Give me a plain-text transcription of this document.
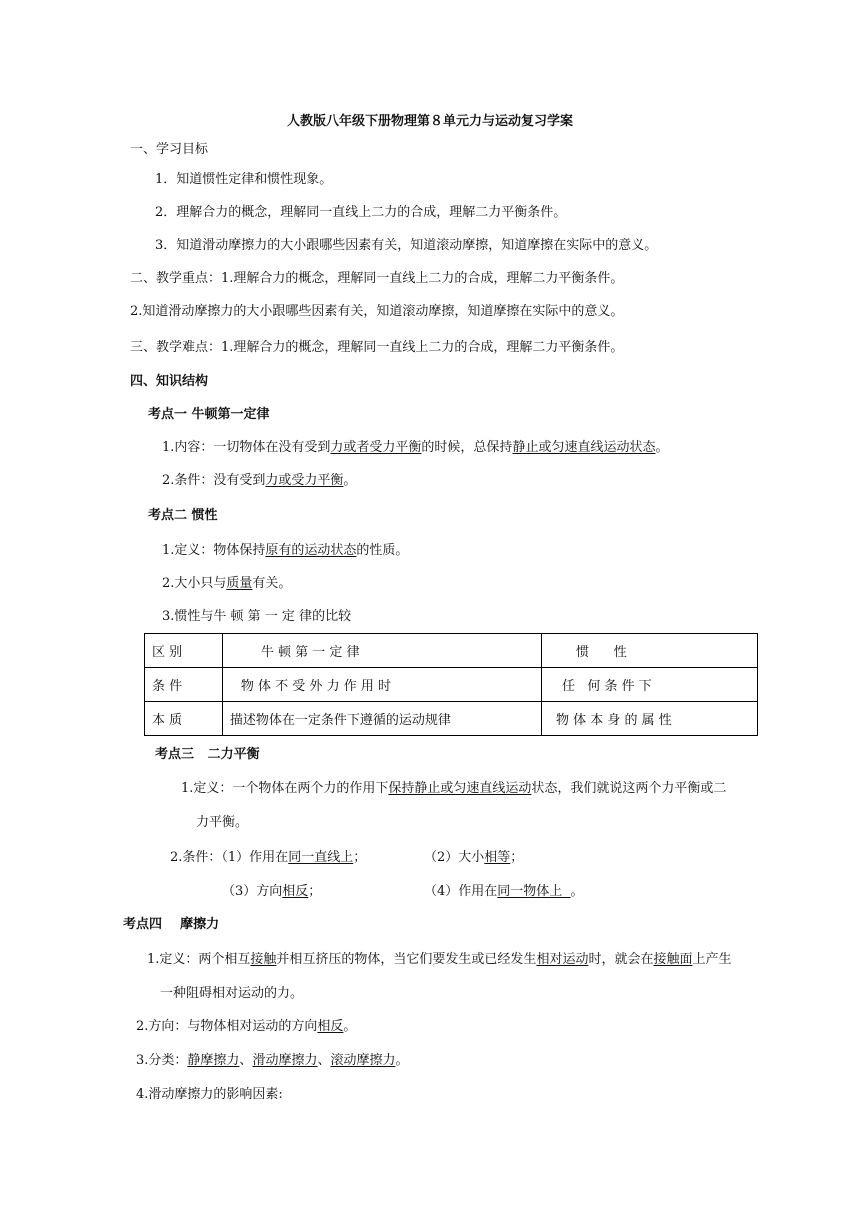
人教版八年级下册物理第８单元力与运动复习学案
一、学习目标
1．知道惯性定律和惯性现象。
2．理解合力的概念，理解同一直线上二力的合成，理解二力平衡条件。
3．知道滑动摩擦力的大小跟哪些因素有关，知道滚动摩擦，知道摩擦在实际中的意义。
二、教学重点：1.理解合力的概念，理解同一直线上二力的合成，理解二力平衡条件。
2.知道滑动摩擦力的大小跟哪些因素有关，知道滚动摩擦，知道摩擦在实际中的意义。
三、教学难点：1.理解合力的概念，理解同一直线上二力的合成，理解二力平衡条件。
四、知识结构
考点一 牛顿第一定律
1.内容：一切物体在没有受到力或者受力平衡的时候，总保持静止或匀速直线运动状态。
2.条件：没有受到力或受力平衡。
考点二 惯性
1.定义：物体保持原有的运动状态的性质。
2.大小只与质量有关。
3.惯性与牛 顿 第 一 定 律的比较
区 别	牛 顿 第 一 定 律	惯      性
条 件	物 体 不 受 外 力 作 用 时	任   何 条 件 下
本 质	描述物体在一定条件下遵循的运动规律	物 体 本 身 的 属 性
考点三   二力平衡
1.定义：一个物体在两个力的作用下保持静止或匀速直线运动状态，我们就说这两个力平衡或二
力平衡。
2.条件：（1）作用在同一直线上；	（2）大小相等；
（3）方向相反；	（4）作用在同一物体上  。
考点四    摩擦力
1.定义：两个相互接触并相互挤压的物体，当它们要发生或已经发生相对运动时，就会在接触面上产生
一种阻碍相对运动的力。
2.方向：与物体相对运动的方向相反。
3.分类：静摩擦力、滑动摩擦力、滚动摩擦力。
4.滑动摩擦力的影响因素:
